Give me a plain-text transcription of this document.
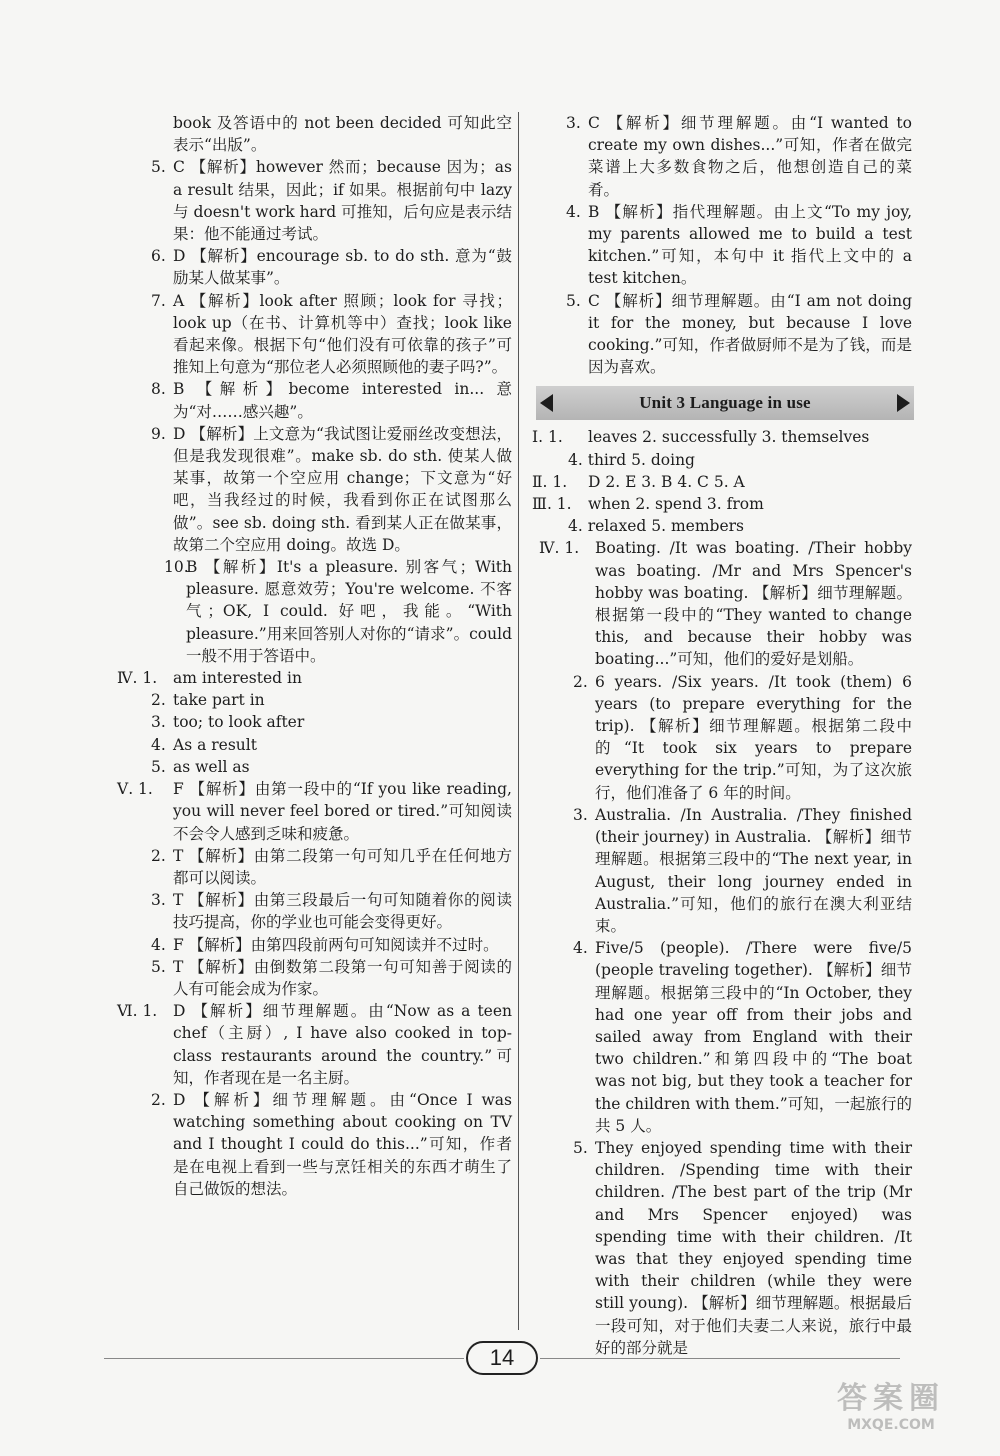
book 及答语中的 not been decided 可知此空表示“出版”。
5. C 【解析】however 然而；because 因为；as a result 结果，因此；if 如果。根据前句中 lazy 与 doesn't work hard 可推知，后句应是表示结果：他不能通过考试。
6. D 【解析】encourage sb. to do sth. 意为“鼓励某人做某事”。
7. A 【解析】look after 照顾；look for 寻找；look up（在书、计算机等中）查找；look like 看起来像。根据下句“他们没有可依靠的孩子”可推知上句意为“那位老人必须照顾他的妻子吗?”。
8. B 【解析】become interested in... 意为“对……感兴趣”。
9. D 【解析】上文意为“我试图让爱丽丝改变想法，但是我发现很难”。make sb. do sth. 使某人做某事，故第一个空应用 change；下文意为“好吧，当我经过的时候，我看到你正在试图那么做”。see sb. doing sth. 看到某人正在做某事，故第二个空应用 doing。故选 D。
10.
B 【解析】It's a pleasure. 别客气；With pleasure. 愿意效劳；You're welcome. 不客气；OK, I could. 好吧，我能。“With pleasure.”用来回答别人对你的“请求”。could 一般不用于答语中。
Ⅳ. 1. am interested in
2. take part in
3. too; to look after
4. As a result
5. as well as
Ⅴ. 1. F 【解析】由第一段中的“If you like reading, you will never feel bored or tired.”可知阅读不会令人感到乏味和疲惫。
2. T 【解析】由第二段第一句可知几乎在任何地方都可以阅读。
3. T 【解析】由第三段最后一句可知随着你的阅读技巧提高，你的学业也可能会变得更好。
4. F 【解析】由第四段前两句可知阅读并不过时。
5. T 【解析】由倒数第二段第一句可知善于阅读的人有可能会成为作家。
Ⅵ. 1. D 【解析】细节理解题。由“Now as a teen chef（主厨）, I have also cooked in top-class restaurants around the country.”可知，作者现在是一名主厨。
2. D 【解析】细节理解题。由“Once I was watching something about cooking on TV and I thought I could do this...”可知，作者是在电视上看到一些与烹饪相关的东西才萌生了自己做饭的想法。
3. C 【解析】细节理解题。由“I wanted to create my own dishes...”可知，作者在做完菜谱上大多数食物之后，他想创造自己的菜肴。
4. B 【解析】指代理解题。由上文“To my joy, my parents allowed me to build a test kitchen.”可知，本句中 it 指代上文中的 a test kitchen。
5. C 【解析】细节理解题。由“I am not doing it for the money, but because I love cooking.”可知，作者做厨师不是为了钱，而是因为喜欢。
Unit 3 Language in use
Ⅰ. 1. leaves 2. successfully 3. themselves
4. third 5. doing
Ⅱ. 1. D 2. E 3. B 4. C 5. A
Ⅲ. 1. when 2. spend 3. from
4. relaxed 5. members
Ⅳ. 1. Boating. /It was boating. /Their hobby was boating. /Mr and Mrs Spencer's hobby was boating. 【解析】细节理解题。根据第一段中的“They wanted to change this, and because their hobby was boating...”可知，他们的爱好是划船。
2. 6 years. /Six years. /It took (them) 6 years (to prepare everything for the trip). 【解析】细节理解题。根据第二段中的“It took six years to prepare everything for the trip.”可知，为了这次旅行，他们准备了 6 年的时间。
3. Australia. /In Australia. /They finished (their journey) in Australia. 【解析】细节理解题。根据第三段中的“The next year, in August, their long journey ended in Australia.”可知，他们的旅行在澳大利亚结束。
4. Five/5 (people). /There were five/5 (people traveling together). 【解析】细节理解题。根据第三段中的“In October, they had one year off from their jobs and sailed away from England with their two children.”和第四段中的“The boat was not big, but they took a teacher for the children with them.”可知，一起旅行的共 5 人。
5. They enjoyed spending time with their children. /Spending time with their children. /The best part of the trip (Mr and Mrs Spencer enjoyed) was spending time with their children. /It was that they enjoyed spending time with their children (while they were still young). 【解析】细节理解题。根据最后一段可知，对于他们夫妻二人来说，旅行中最好的部分就是
14
答案圈
MXQE.COM
